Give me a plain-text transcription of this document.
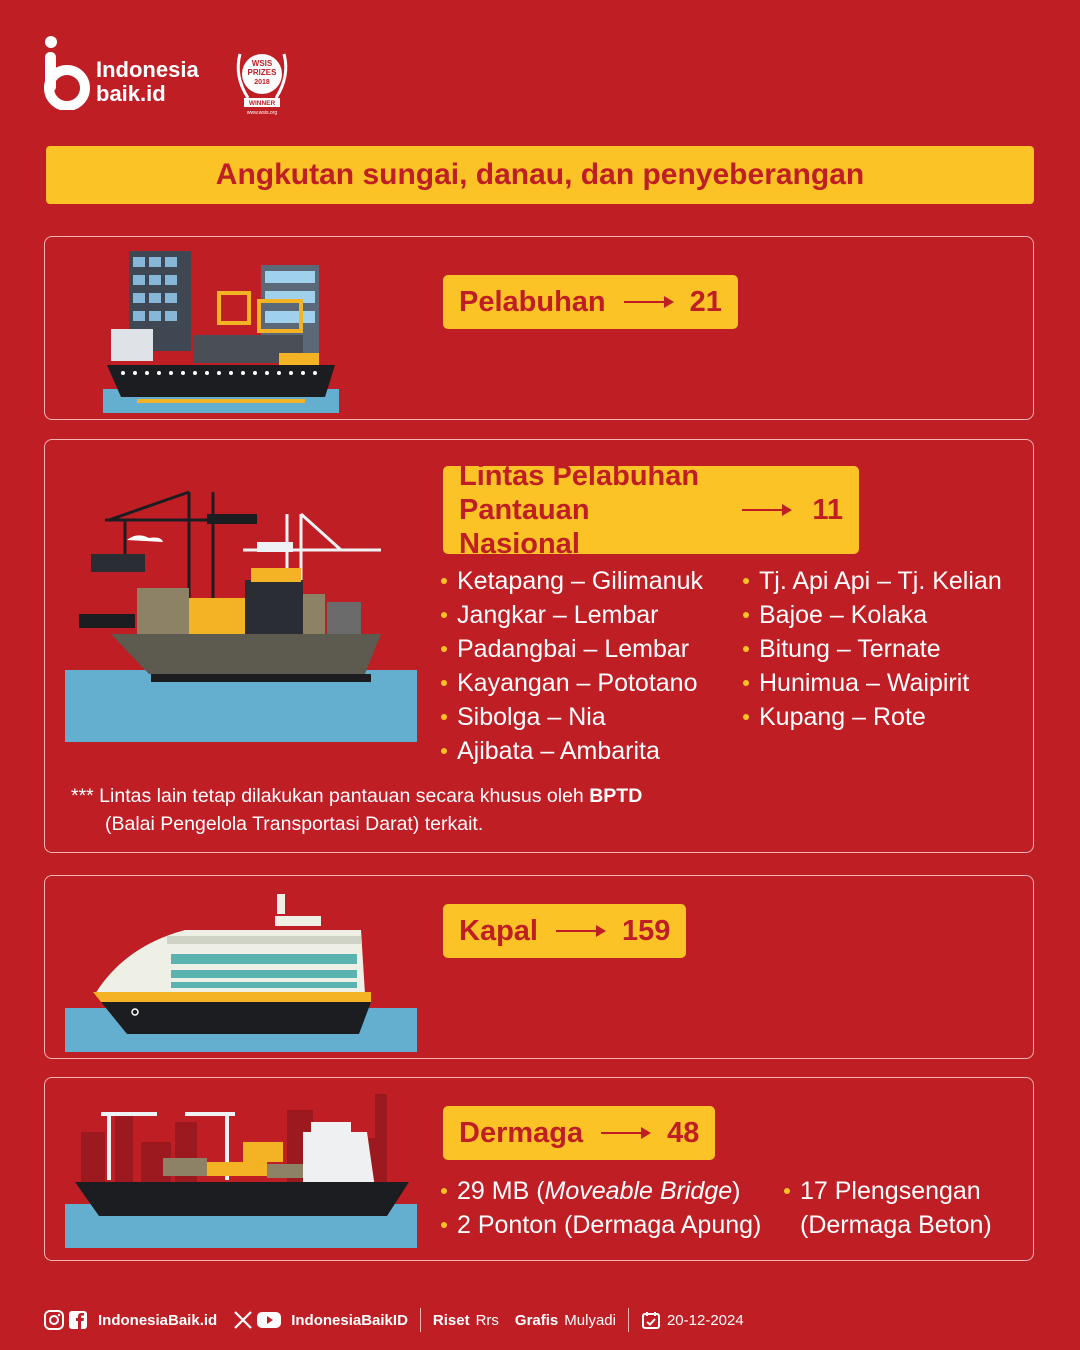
Indonesia
baik.id
WSIS
PRIZES
2018
WINNER
www.wsis.org
Angkutan sungai, danau, dan penyeberangan
Pelabuhan	21
Lintas Pelabuhan
Pantauan Nasional
11
Ketapang – Gilimanuk
Jangkar – Lembar
Padangbai – Lembar
Kayangan – Pototano
Sibolga – Nia
Ajibata – Ambarita
Tj. Api Api – Tj. Kelian
Bajoe – Kolaka
Bitung – Ternate
Hunimua – Waipirit
Kupang – Rote
*** Lintas lain tetap dilakukan pantauan secara khusus oleh BPTD
(Balai Pengelola Transportasi Darat) terkait.
Kapal	159
Dermaga	48
29 MB (Moveable Bridge)
2 Ponton (Dermaga Apung)
17 Plengsengan
(Dermaga Beton)
IndonesiaBaik.id	IndonesiaBaikID Riset Rrs Grafis Mulyadi	20-12-2024
